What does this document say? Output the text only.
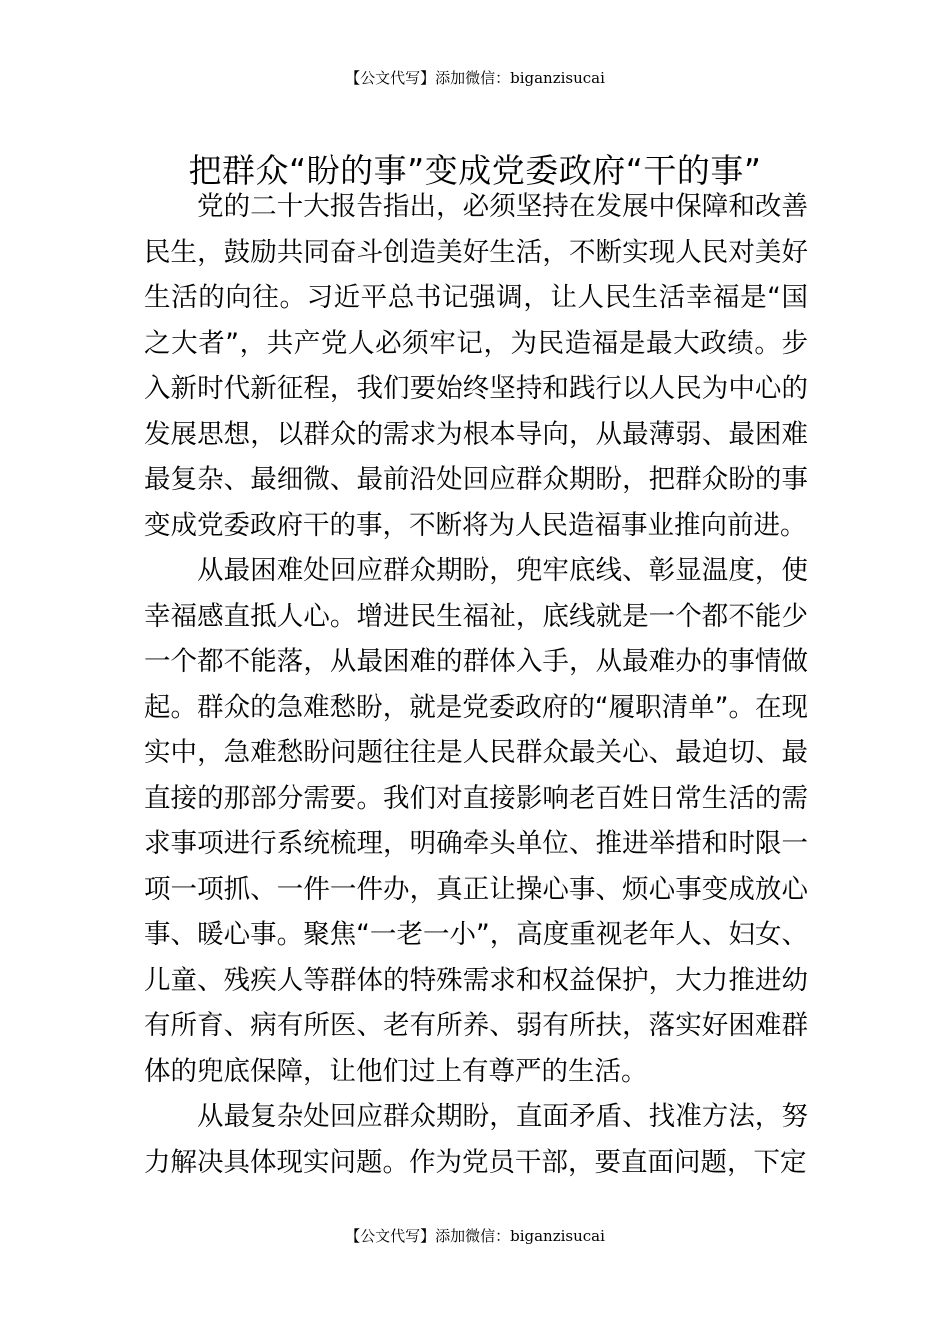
【公文代写】添加微信：biganzisucai
把群众“盼的事”变成党委政府“干的事”

党的二十大报告指出，必须坚持在发展中保障和改善民生，鼓励共同奋斗创造美好生活，不断实现人民对美好生活的向往。习近平总书记强调，让人民生活幸福是“国之大者”，共产党人必须牢记，为民造福是最大政绩。步入新时代新征程，我们要始终坚持和践行以人民为中心的发展思想，以群众的需求为根本导向，从最薄弱、最困难最复杂、最细微、最前沿处回应群众期盼，把群众盼的事变成党委政府干的事，不断将为人民造福事业推向前进。

从最困难处回应群众期盼，兜牢底线、彰显温度，使幸福感直抵人心。增进民生福祉，底线就是一个都不能少一个都不能落，从最困难的群体入手，从最难办的事情做起。群众的急难愁盼，就是党委政府的“履职清单”。在现实中，急难愁盼问题往往是人民群众最关心、最迫切、最直接的那部分需要。我们对直接影响老百姓日常生活的需求事项进行系统梳理，明确牵头单位、推进举措和时限一项一项抓、一件一件办，真正让操心事、烦心事变成放心事、暖心事。聚焦“一老一小”，高度重视老年人、妇女、儿童、残疾人等群体的特殊需求和权益保护，大力推进幼有所育、病有所医、老有所养、弱有所扶，落实好困难群体的兜底保障，让他们过上有尊严的生活。

从最复杂处回应群众期盼，直面矛盾、找准方法，努力解决具体现实问题。作为党员干部，要直面问题，下定

【公文代写】添加微信：biganzisucai
